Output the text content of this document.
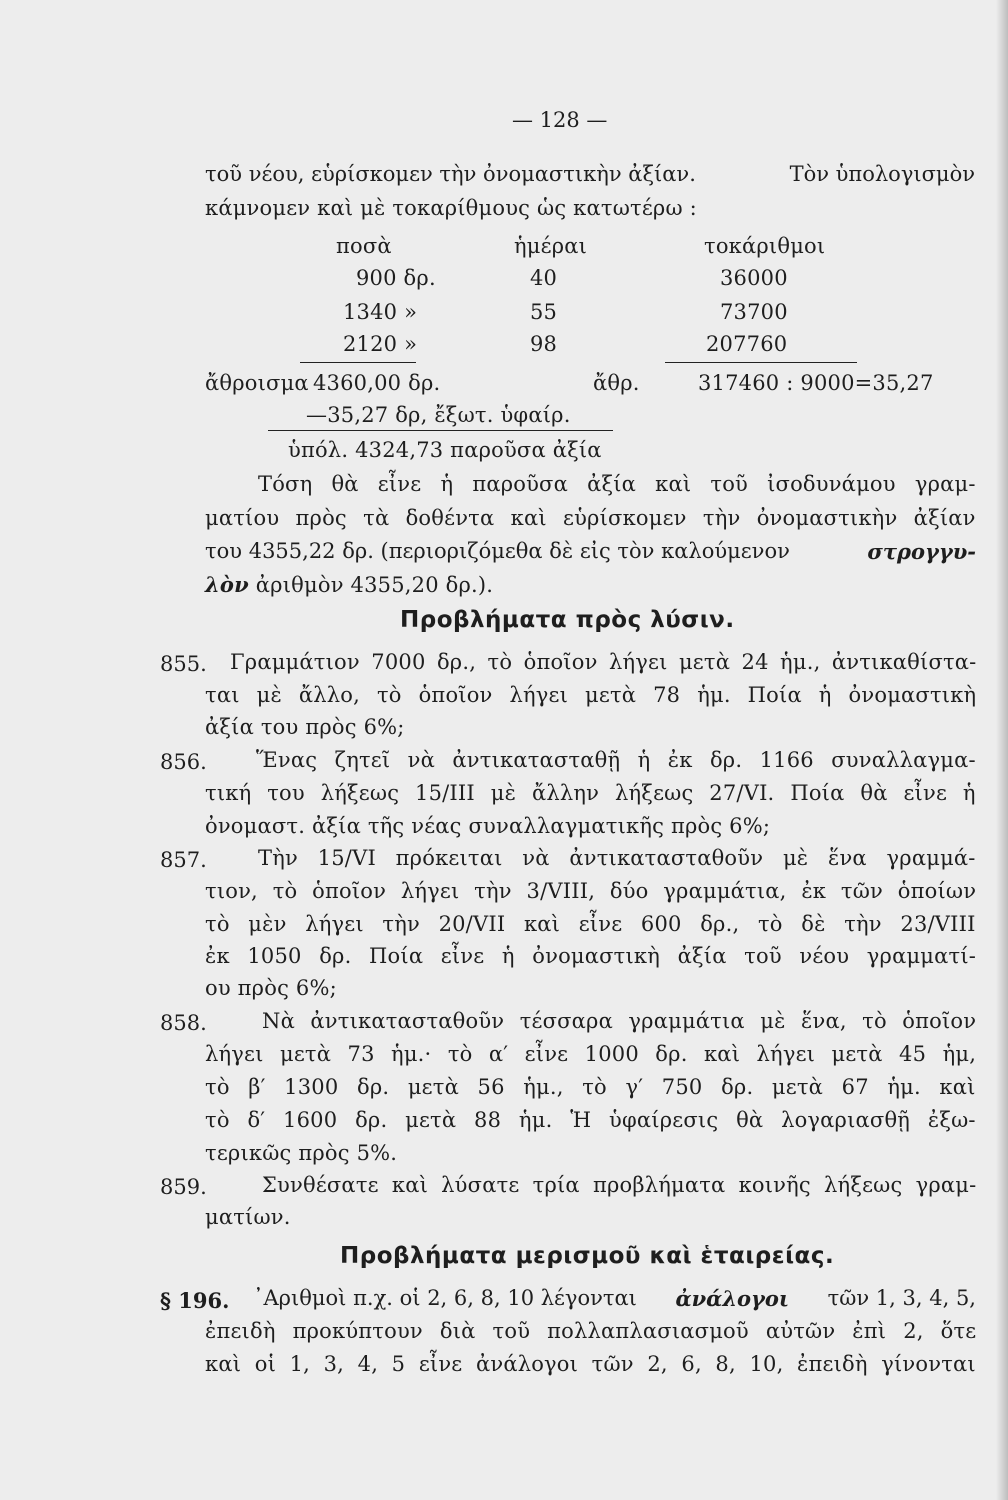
— 128 —
τοῦ νέου, εὑρίσκομεν τὴν ὀνομαστικὴν ἀξίαν.	Τὸν ὑπολογισμὸν
κάμνομεν καὶ μὲ τοκαρίθμους ὡς κατωτέρω :
ποσὰ	ἡμέραι	τοκάριθμοι
900 δρ.	40	36000
1340 »	55	73700
2120 »	98	207760
ἄθροισμα 4360,00 δρ.	ἄθρ.	317460 : 9000=35,27
—35,27 δρ, ἔξωτ. ὑφαίρ.
ὑπόλ. 4324,73 παροῦσα ἀξία
Τόση θὰ εἶνε ἡ παροῦσα ἀξία καὶ τοῦ ἰσοδυνάμου γραμ-
ματίου πρὸς τὰ δοθέντα καὶ εὑρίσκομεν τὴν ὀνομαστικὴν ἀξίαν
του 4355,22 δρ. (περιοριζόμεθα δὲ εἰς τὸν καλούμενον	στρογγυ-
λὸν ἀριθμὸν 4355,20 δρ.).
Προβλήματα πρὸς λύσιν.
855. Γραμμάτιον 7000 δρ., τὸ ὁποῖον λήγει μετὰ 24 ἡμ., ἀντικαθίστα-
ται μὲ ἄλλο, τὸ ὁποῖον λήγει μετὰ 78 ἡμ. Ποία ἡ ὀνομαστικὴ
ἀξία του πρὸς 6%;
856. Ἕνας ζητεῖ νὰ ἀντικατασταθῇ ἡ ἐκ δρ. 1166 συναλλαγμα-
τική του λήξεως 15/III μὲ ἄλλην λήξεως 27/VI. Ποία θὰ εἶνε ἡ
ὀνομαστ. ἀξία τῆς νέας συναλλαγματικῆς πρὸς 6%;
857. Τὴν 15/VI πρόκειται νὰ ἀντικατασταθοῦν μὲ ἕνα γραμμά-
τιον, τὸ ὁποῖον λήγει τὴν 3/VIII, δύο γραμμάτια, ἐκ τῶν ὁποίων
τὸ μὲν λήγει τὴν 20/VII καὶ εἶνε 600 δρ., τὸ δὲ τὴν 23/VIII
ἐκ 1050 δρ. Ποία εἶνε ἡ ὀνομαστικὴ ἀξία τοῦ νέου γραμματί-
ου πρὸς 6%;
858.	Νὰ ἀντικατασταθοῦν τέσσαρα γραμμάτια μὲ ἕνα, τὸ ὁποῖον
λήγει μετὰ 73 ἡμ.· τὸ α′ εἶνε 1000 δρ. καὶ λήγει μετὰ 45 ἡμ,
τὸ β′ 1300 δρ. μετὰ 56 ἡμ., τὸ γ′ 750 δρ. μετὰ 67 ἡμ. καὶ
τὸ δ′ 1600 δρ. μετὰ 88 ἡμ. Ἡ ὑφαίρεσις θὰ λογαριασθῇ ἐξω-
τερικῶς πρὸς 5%.
859.	Συνθέσατε καὶ λύσατε τρία προβλήματα κοινῆς λήξεως γραμ-
ματίων.
Προβλήματα μερισμοῦ καὶ ἑταιρείας.
§ 196. ᾿Αριθμοὶ π.χ. οἱ 2, 6, 8, 10 λέγονται ἀνάλογοι τῶν 1, 3, 4, 5,
ἐπειδὴ προκύπτουν διὰ τοῦ πολλαπλασιασμοῦ αὐτῶν ἐπὶ 2, ὅτε
καὶ οἱ 1, 3, 4, 5 εἶνε ἀνάλογοι τῶν 2, 6, 8, 10, ἐπειδὴ γίνονται
